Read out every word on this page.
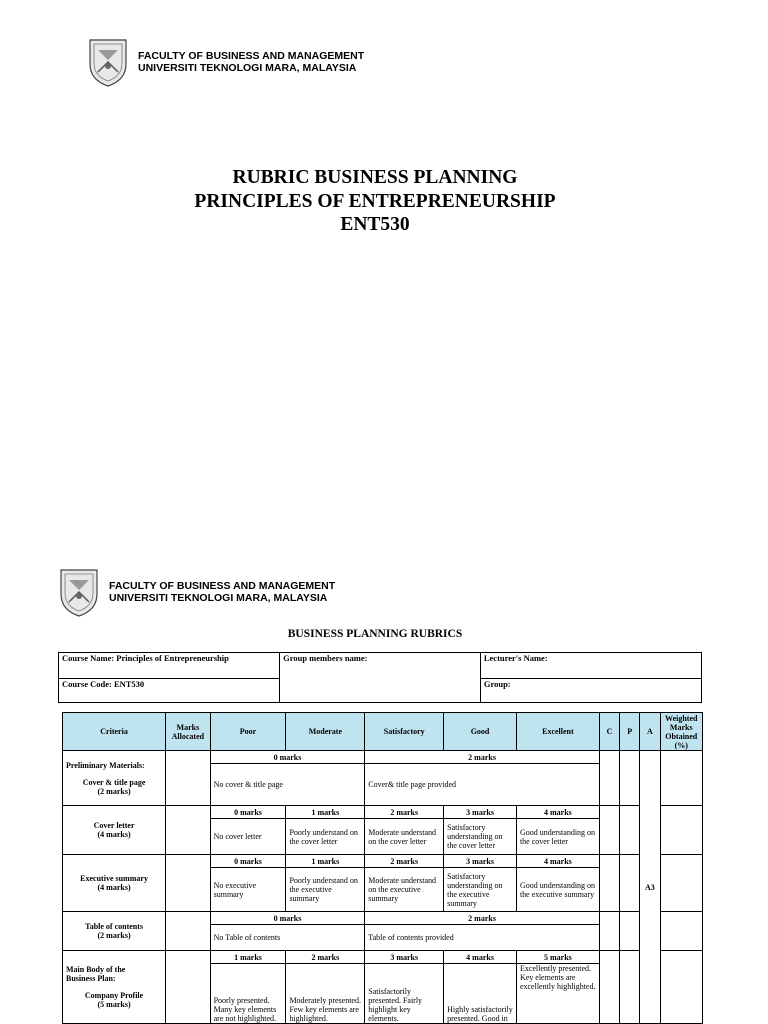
FACULTY OF BUSINESS AND MANAGEMENT
UNIVERSITI TEKNOLOGI MARA, MALAYSIA
RUBRIC BUSINESS PLANNING
PRINCIPLES OF ENTREPRENEURSHIP
ENT530
FACULTY OF BUSINESS AND MANAGEMENT
UNIVERSITI TEKNOLOGI MARA, MALAYSIA
BUSINESS PLANNING RUBRICS
Course Name: Principles of Entrepreneurship	Group members name:	Lecturer's Name:
Course Code: ENT530		Group:
Criteria	Marks Allocated	Poor	Moderate	Satisfactory	Good	Excellent	C	P	A	Weighted Marks Obtained (%)

Preliminary Materials:
Cover & title page
(2 marks)		0 marks		2 marks					A3	
		No cover & title page		Cover& title page provided						

Cover letter
(4 marks)		0 marks	1 marks	2 marks	3 marks	4 marks				
		No cover letter	Poorly understand on the cover letter	Moderate understand on the cover letter	Satisfactory understanding on the cover letter	Good understanding on the cover letter				

Executive summary
(4 marks)		0 marks	1 marks	2 marks	3 marks	4 marks				
		No executive summary	Poorly understand on the executive summary	Moderate understand on the executive summary	Satisfactory understanding on the executive summary	Good understanding on the executive summary				

Table of contents
(2 marks)		0 marks		2 marks						
		No Table of contents		Table of contents provided						

Main Body of the
Business Plan:
Company Profile
(5 marks)		1 marks	2 marks	3 marks	4 marks	5 marks				
		Poorly presented. Many key elements are not highlighted.	Moderately presented. Few key elements are highlighted.	Satisfactorily presented. Fairly highlight key elements.	Highly satisfactorily presented. Good in	Excellently presented. Key elements are excellently highlighted.				
